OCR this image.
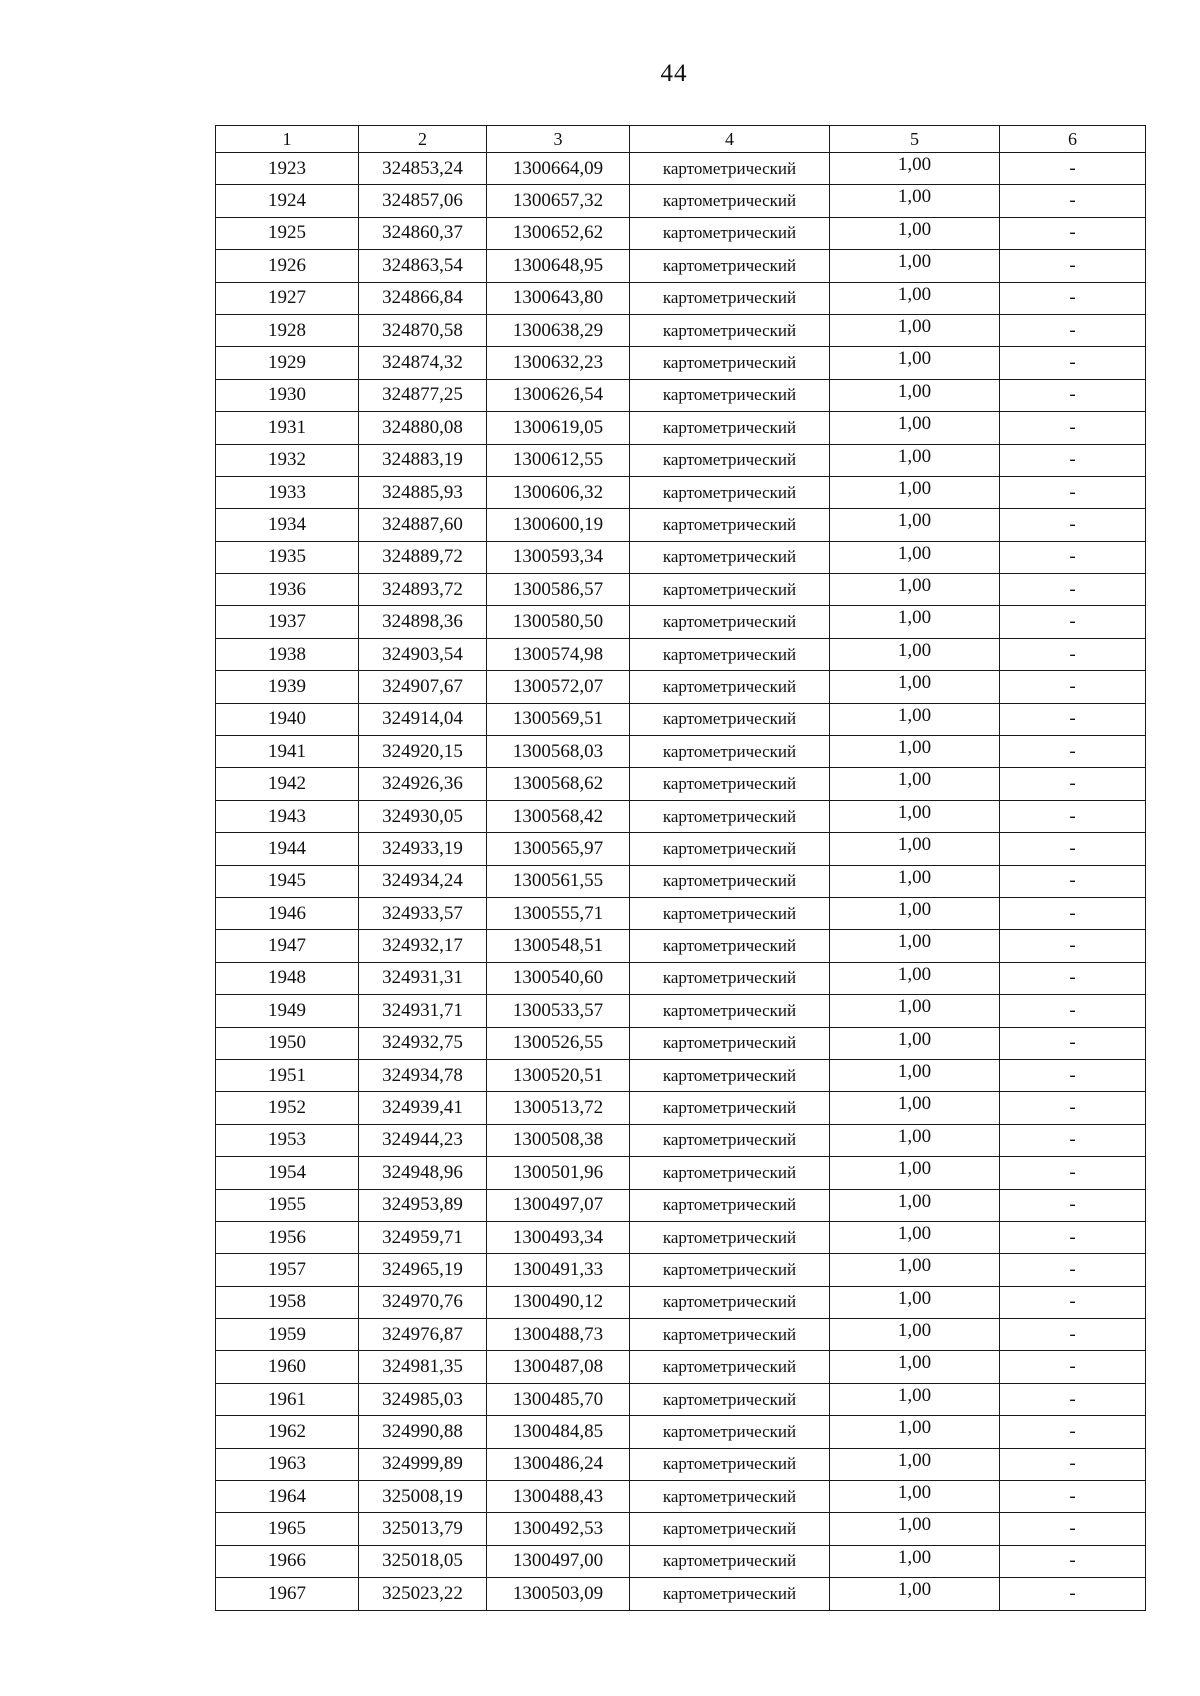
44
1	2	3	4	5	6
1923	324853,24	1300664,09	картометрический	1,00	-
1924	324857,06	1300657,32	картометрический	1,00	-
1925	324860,37	1300652,62	картометрический	1,00	-
1926	324863,54	1300648,95	картометрический	1,00	-
1927	324866,84	1300643,80	картометрический	1,00	-
1928	324870,58	1300638,29	картометрический	1,00	-
1929	324874,32	1300632,23	картометрический	1,00	-
1930	324877,25	1300626,54	картометрический	1,00	-
1931	324880,08	1300619,05	картометрический	1,00	-
1932	324883,19	1300612,55	картометрический	1,00	-
1933	324885,93	1300606,32	картометрический	1,00	-
1934	324887,60	1300600,19	картометрический	1,00	-
1935	324889,72	1300593,34	картометрический	1,00	-
1936	324893,72	1300586,57	картометрический	1,00	-
1937	324898,36	1300580,50	картометрический	1,00	-
1938	324903,54	1300574,98	картометрический	1,00	-
1939	324907,67	1300572,07	картометрический	1,00	-
1940	324914,04	1300569,51	картометрический	1,00	-
1941	324920,15	1300568,03	картометрический	1,00	-
1942	324926,36	1300568,62	картометрический	1,00	-
1943	324930,05	1300568,42	картометрический	1,00	-
1944	324933,19	1300565,97	картометрический	1,00	-
1945	324934,24	1300561,55	картометрический	1,00	-
1946	324933,57	1300555,71	картометрический	1,00	-
1947	324932,17	1300548,51	картометрический	1,00	-
1948	324931,31	1300540,60	картометрический	1,00	-
1949	324931,71	1300533,57	картометрический	1,00	-
1950	324932,75	1300526,55	картометрический	1,00	-
1951	324934,78	1300520,51	картометрический	1,00	-
1952	324939,41	1300513,72	картометрический	1,00	-
1953	324944,23	1300508,38	картометрический	1,00	-
1954	324948,96	1300501,96	картометрический	1,00	-
1955	324953,89	1300497,07	картометрический	1,00	-
1956	324959,71	1300493,34	картометрический	1,00	-
1957	324965,19	1300491,33	картометрический	1,00	-
1958	324970,76	1300490,12	картометрический	1,00	-
1959	324976,87	1300488,73	картометрический	1,00	-
1960	324981,35	1300487,08	картометрический	1,00	-
1961	324985,03	1300485,70	картометрический	1,00	-
1962	324990,88	1300484,85	картометрический	1,00	-
1963	324999,89	1300486,24	картометрический	1,00	-
1964	325008,19	1300488,43	картометрический	1,00	-
1965	325013,79	1300492,53	картометрический	1,00	-
1966	325018,05	1300497,00	картометрический	1,00	-
1967	325023,22	1300503,09	картометрический	1,00	-
